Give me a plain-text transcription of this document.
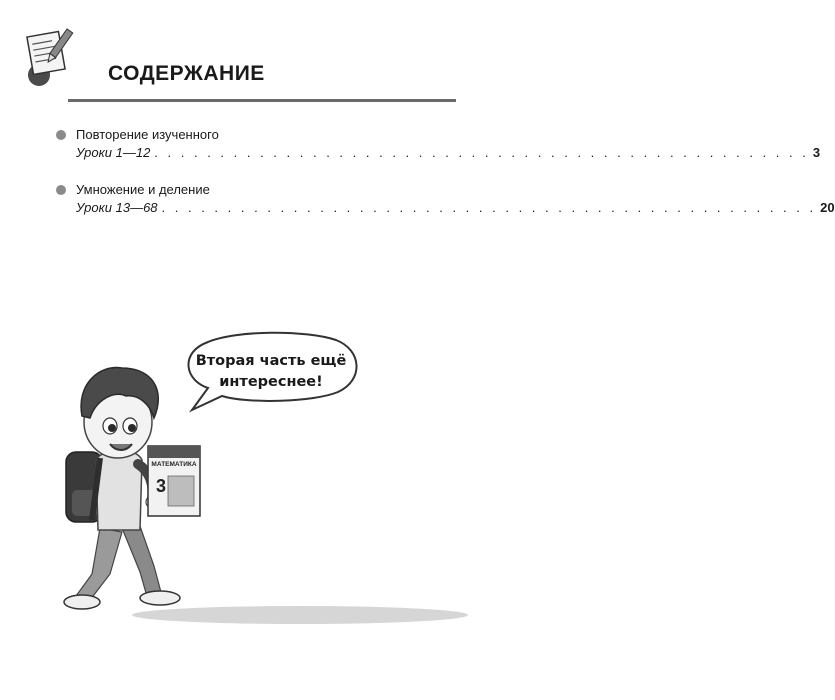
СОДЕРЖАНИЕ
Повторение изученного
Уроки 1—12 . . . . . . . . . . . . . . . . . . . . . . . . . . . . . . . . . . . . . . . . . . . . . . . . . . 3
Умножение и деление
Уроки 13—68 . . . . . . . . . . . . . . . . . . . . . . . . . . . . . . . . . . . . . . . . . . . . . . . . . . 20
Вторая часть ещё
интереснее!
МАТЕМАТИКА
3
